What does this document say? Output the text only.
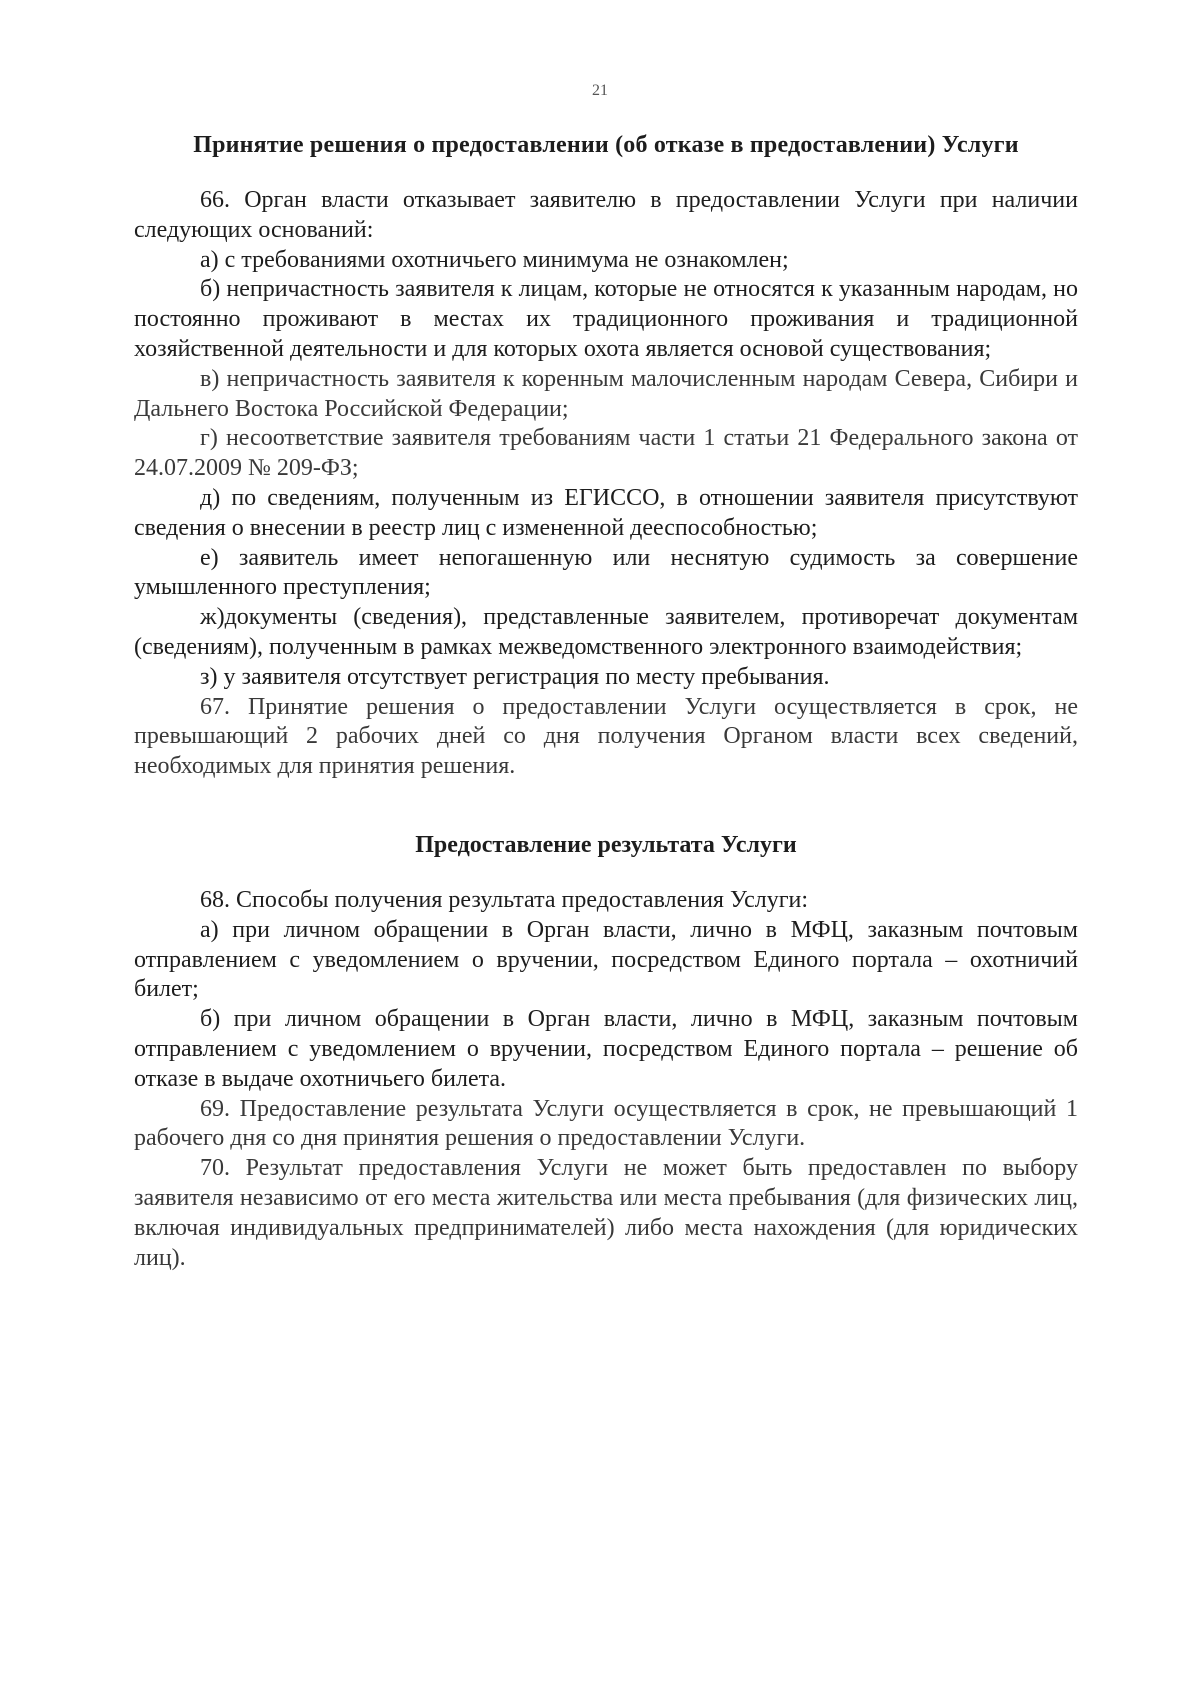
21
Принятие решения о предоставлении (об отказе в предоставлении) Услуги

66. Орган власти отказывает заявителю в предоставлении Услуги при наличии следующих оснований:

а) с требованиями охотничьего минимума не ознакомлен;

б) непричастность заявителя к лицам, которые не относятся к указанным народам, но постоянно проживают в местах их традиционного проживания и традиционной хозяйственной деятельности и для которых охота является основой существования;

в) непричастность заявителя к коренным малочисленным народам Севера, Сибири и Дальнего Востока Российской Федерации;

г) несоответствие заявителя требованиям части 1 статьи 21 Федерального закона от 24.07.2009 № 209-ФЗ;

д) по сведениям, полученным из ЕГИССО, в отношении заявителя присутствуют сведения о внесении в реестр лиц с измененной дееспособностью;

е) заявитель имеет непогашенную или неснятую судимость за совершение умышленного преступления;

ж)документы (сведения), представленные заявителем, противоречат документам (сведениям), полученным в рамках межведомственного электронного взаимодействия;

з) у заявителя отсутствует регистрация по месту пребывания.

67. Принятие решения о предоставлении Услуги осуществляется в срок, не превышающий 2 рабочих дней со дня получения Органом власти всех сведений, необходимых для принятия решения.

Предоставление результата Услуги

68. Способы получения результата предоставления Услуги:

а) при личном обращении в Орган власти, лично в МФЦ, заказным почтовым отправлением с уведомлением о вручении, посредством Единого портала – охотничий билет;

б) при личном обращении в Орган власти, лично в МФЦ, заказным почтовым отправлением с уведомлением о вручении, посредством Единого портала – решение об отказе в выдаче охотничьего билета.

69. Предоставление результата Услуги осуществляется в срок, не превышающий 1 рабочего дня со дня принятия решения о предоставлении Услуги.

70. Результат предоставления Услуги не может быть предоставлен по выбору заявителя независимо от его места жительства или места пребывания (для физических лиц, включая индивидуальных предпринимателей) либо места нахождения (для юридических лиц).
